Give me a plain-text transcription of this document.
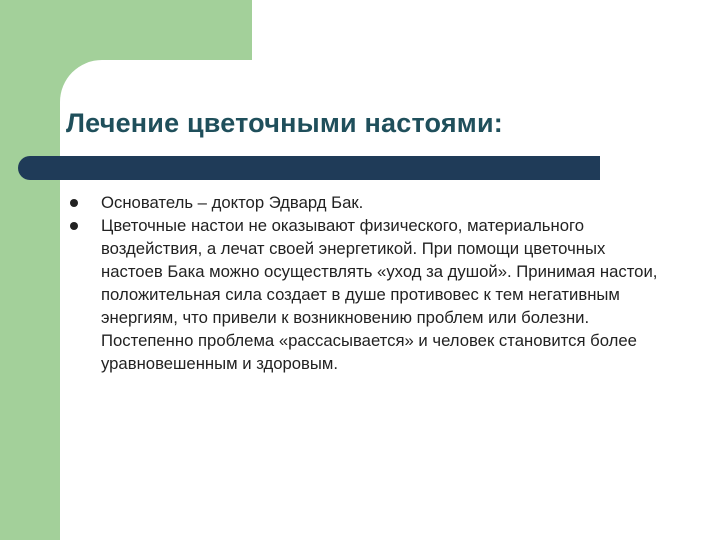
Лечение цветочными настоями:
Основатель – доктор Эдвард Бак.
Цветочные настои не оказывают физического, материального воздействия, а лечат своей энергетикой. При помощи цветочных настоев Бака можно осуществлять «уход за душой». Принимая настои, положительная сила создает в душе противовес к тем негативным энергиям, что привели к возникновению проблем или болезни. Постепенно проблема «рассасывается» и человек становится более уравновешенным и здоровым.
